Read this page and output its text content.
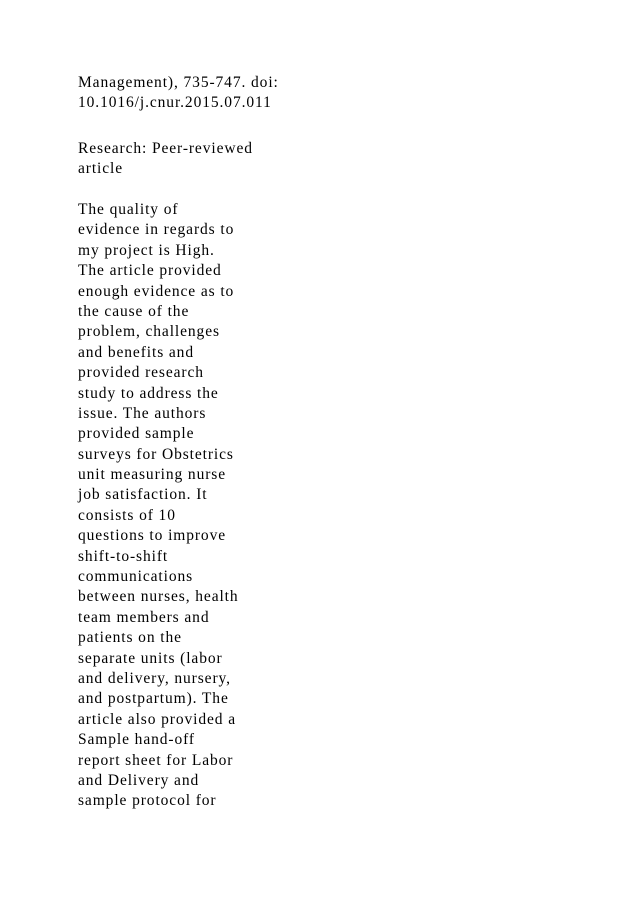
Management), 735-747. doi:
10.1016/j.cnur.2015.07.011
Research: Peer-reviewed
article
The quality of
evidence in regards to
my project is High.
The article provided
enough evidence as to
the cause of the
problem, challenges
and benefits and
provided research
study to address the
issue. The authors
provided sample
surveys for Obstetrics
unit measuring nurse
job satisfaction. It
consists of 10
questions to improve
shift-to-shift
communications
between nurses, health
team members and
patients on the
separate units (labor
and delivery, nursery,
and postpartum). The
article also provided a
Sample hand-off
report sheet for Labor
and Delivery and
sample protocol for
